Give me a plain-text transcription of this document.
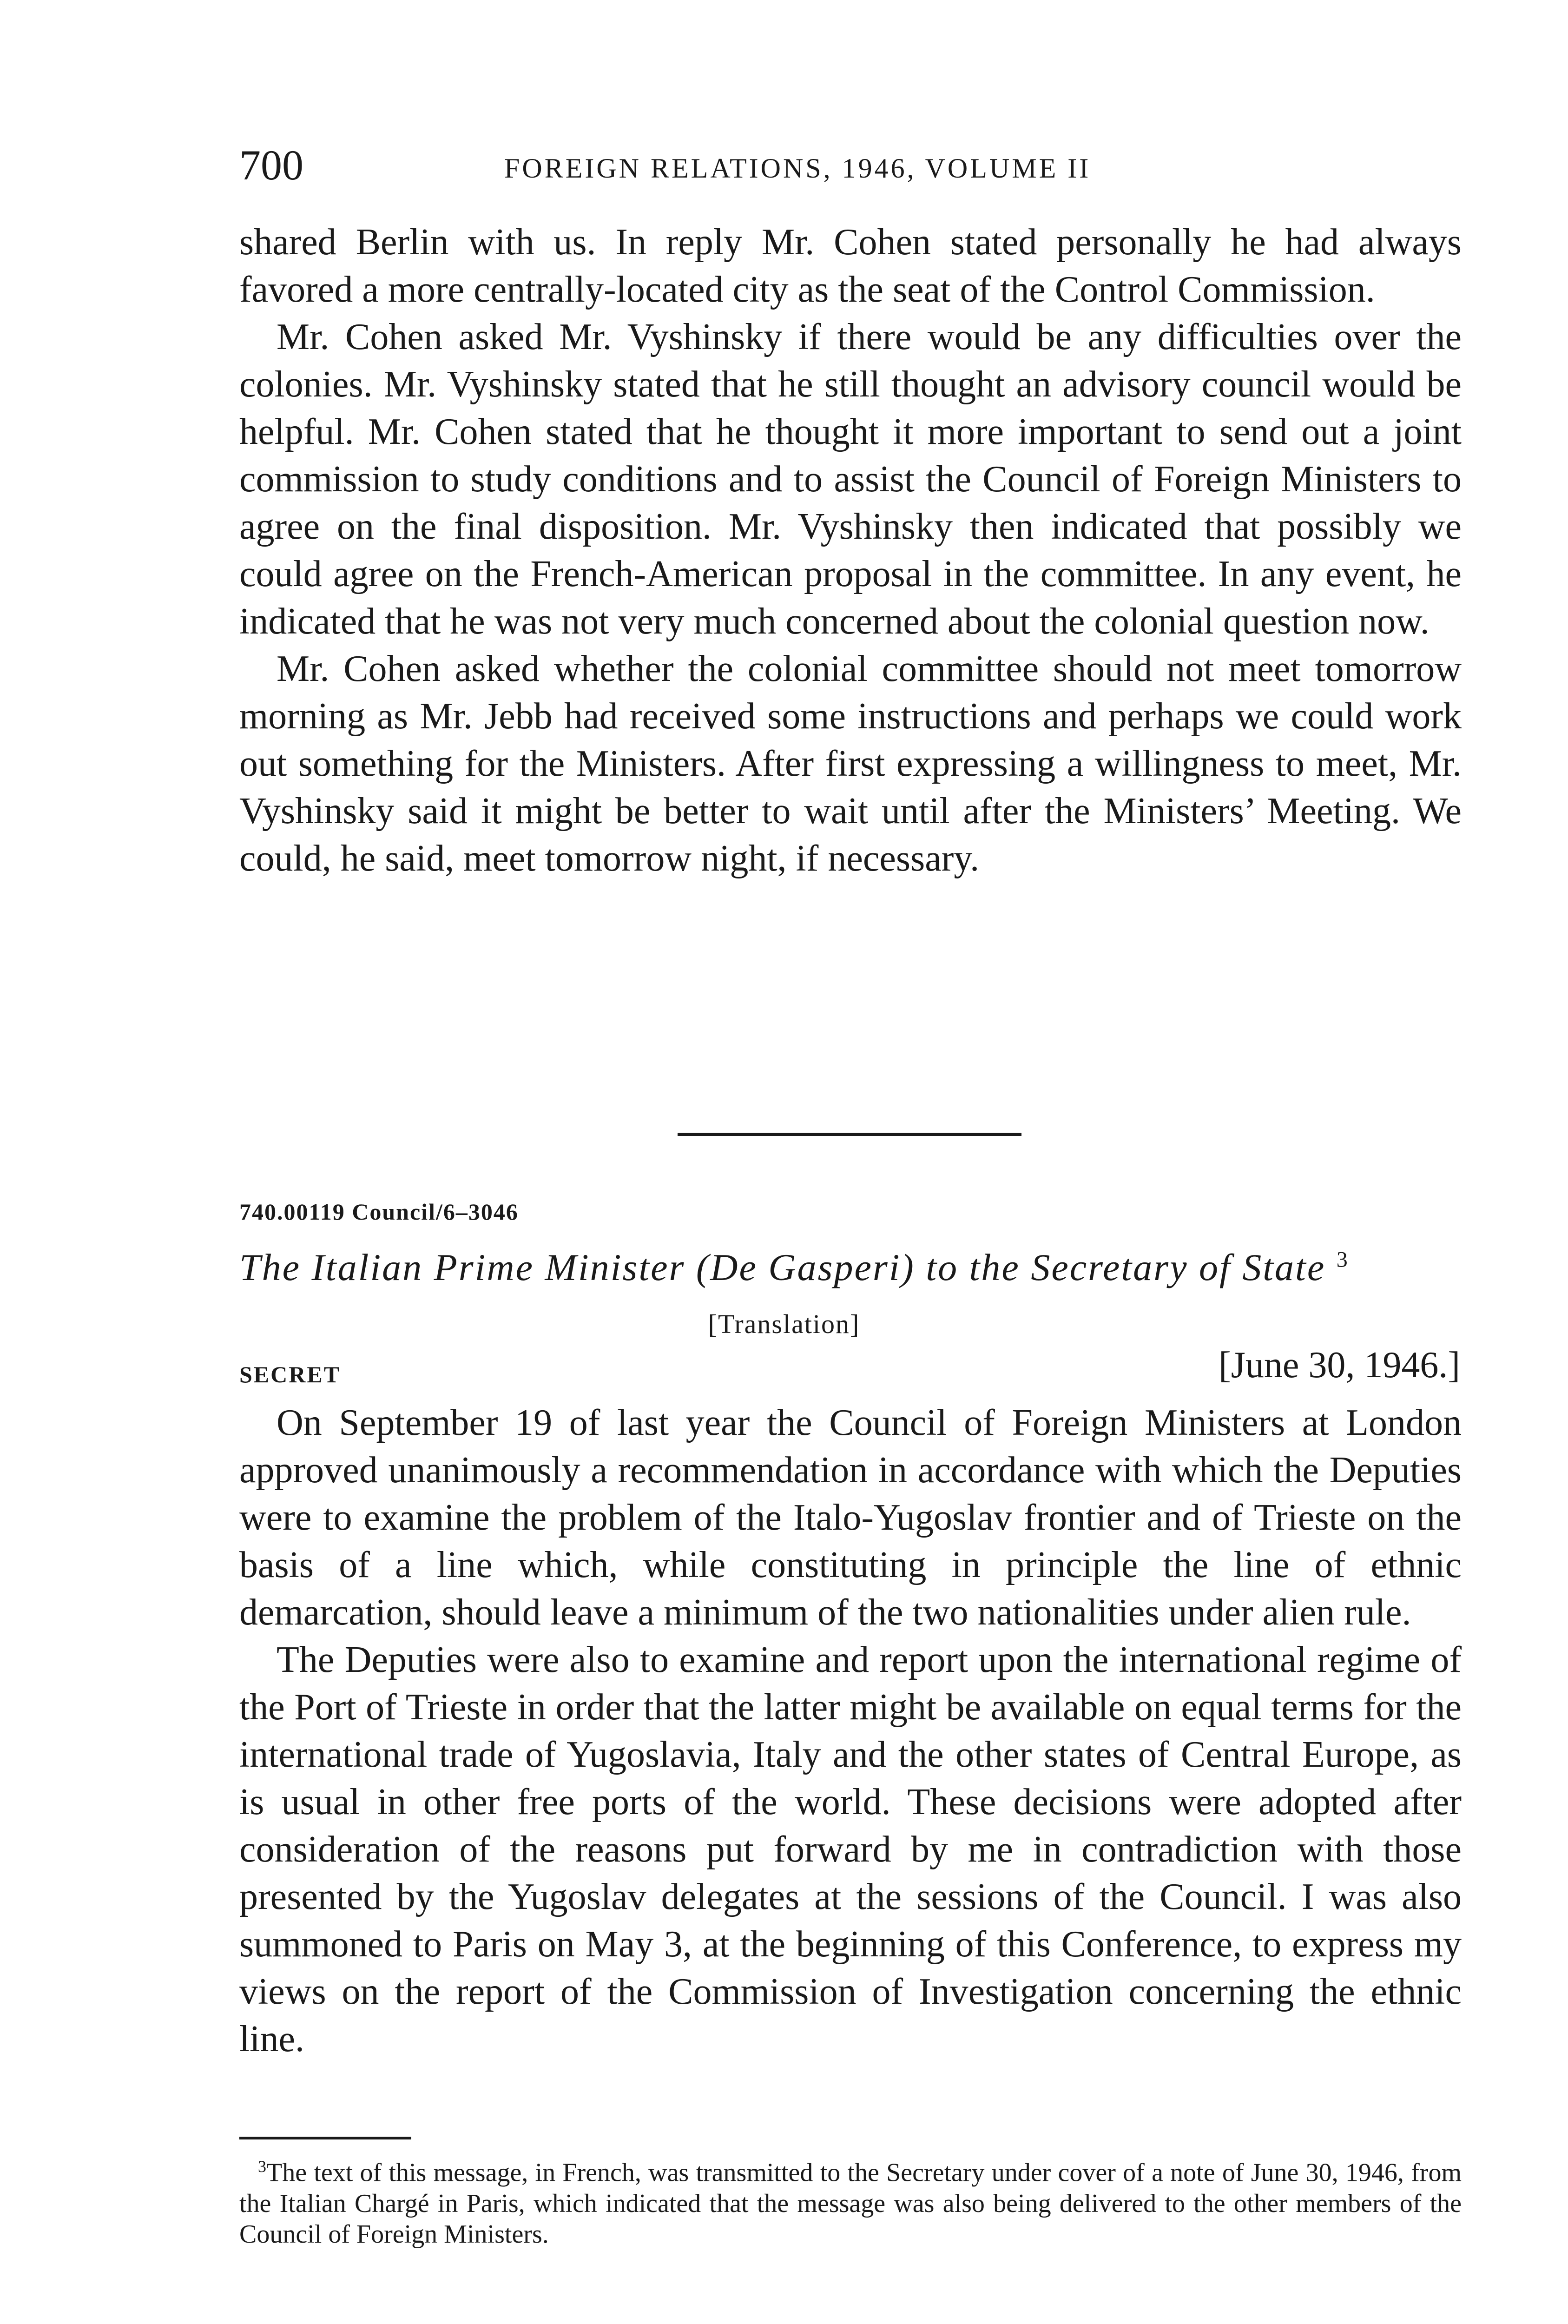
700	FOREIGN RELATIONS, 1946, VOLUME II

shared Berlin with us. In reply Mr. Cohen stated personally he had always favored a more centrally-located city as the seat of the Control Commission.

Mr. Cohen asked Mr. Vyshinsky if there would be any difficulties over the colonies. Mr. Vyshinsky stated that he still thought an advisory council would be helpful. Mr. Cohen stated that he thought it more important to send out a joint commission to study conditions and to assist the Council of Foreign Ministers to agree on the final disposition. Mr. Vyshinsky then indicated that possibly we could agree on the French-American proposal in the committee. In any event, he indicated that he was not very much concerned about the colonial question now.

Mr. Cohen asked whether the colonial committee should not meet tomorrow morning as Mr. Jebb had received some instructions and perhaps we could work out something for the Ministers. After first expressing a willingness to meet, Mr. Vyshinsky said it might be better to wait until after the Ministers’ Meeting. We could, he said, meet tomorrow night, if necessary.

740.00119 Council/6–3046
The Italian Prime Minister (De Gasperi) to the Secretary of State $^3$
[Translation]
SECRET	[June 30, 1946.]

On September 19 of last year the Council of Foreign Ministers at London approved unanimously a recommendation in accordance with which the Deputies were to examine the problem of the Italo-Yugoslav frontier and of Trieste on the basis of a line which, while constituting in principle the line of ethnic demarcation, should leave a minimum of the two nationalities under alien rule.

The Deputies were also to examine and report upon the international regime of the Port of Trieste in order that the latter might be available on equal terms for the international trade of Yugoslavia, Italy and the other states of Central Europe, as is usual in other free ports of the world. These decisions were adopted after consideration of the reasons put forward by me in contradiction with those presented by the Yugoslav delegates at the sessions of the Council. I was also summoned to Paris on May 3, at the beginning of this Conference, to express my views on the report of the Commission of Investigation concerning the ethnic line.

$^3$The text of this message, in French, was transmitted to the Secretary under cover of a note of June 30, 1946, from the Italian Chargé in Paris, which indicated that the message was also being delivered to the other members of the Council of Foreign Ministers.
